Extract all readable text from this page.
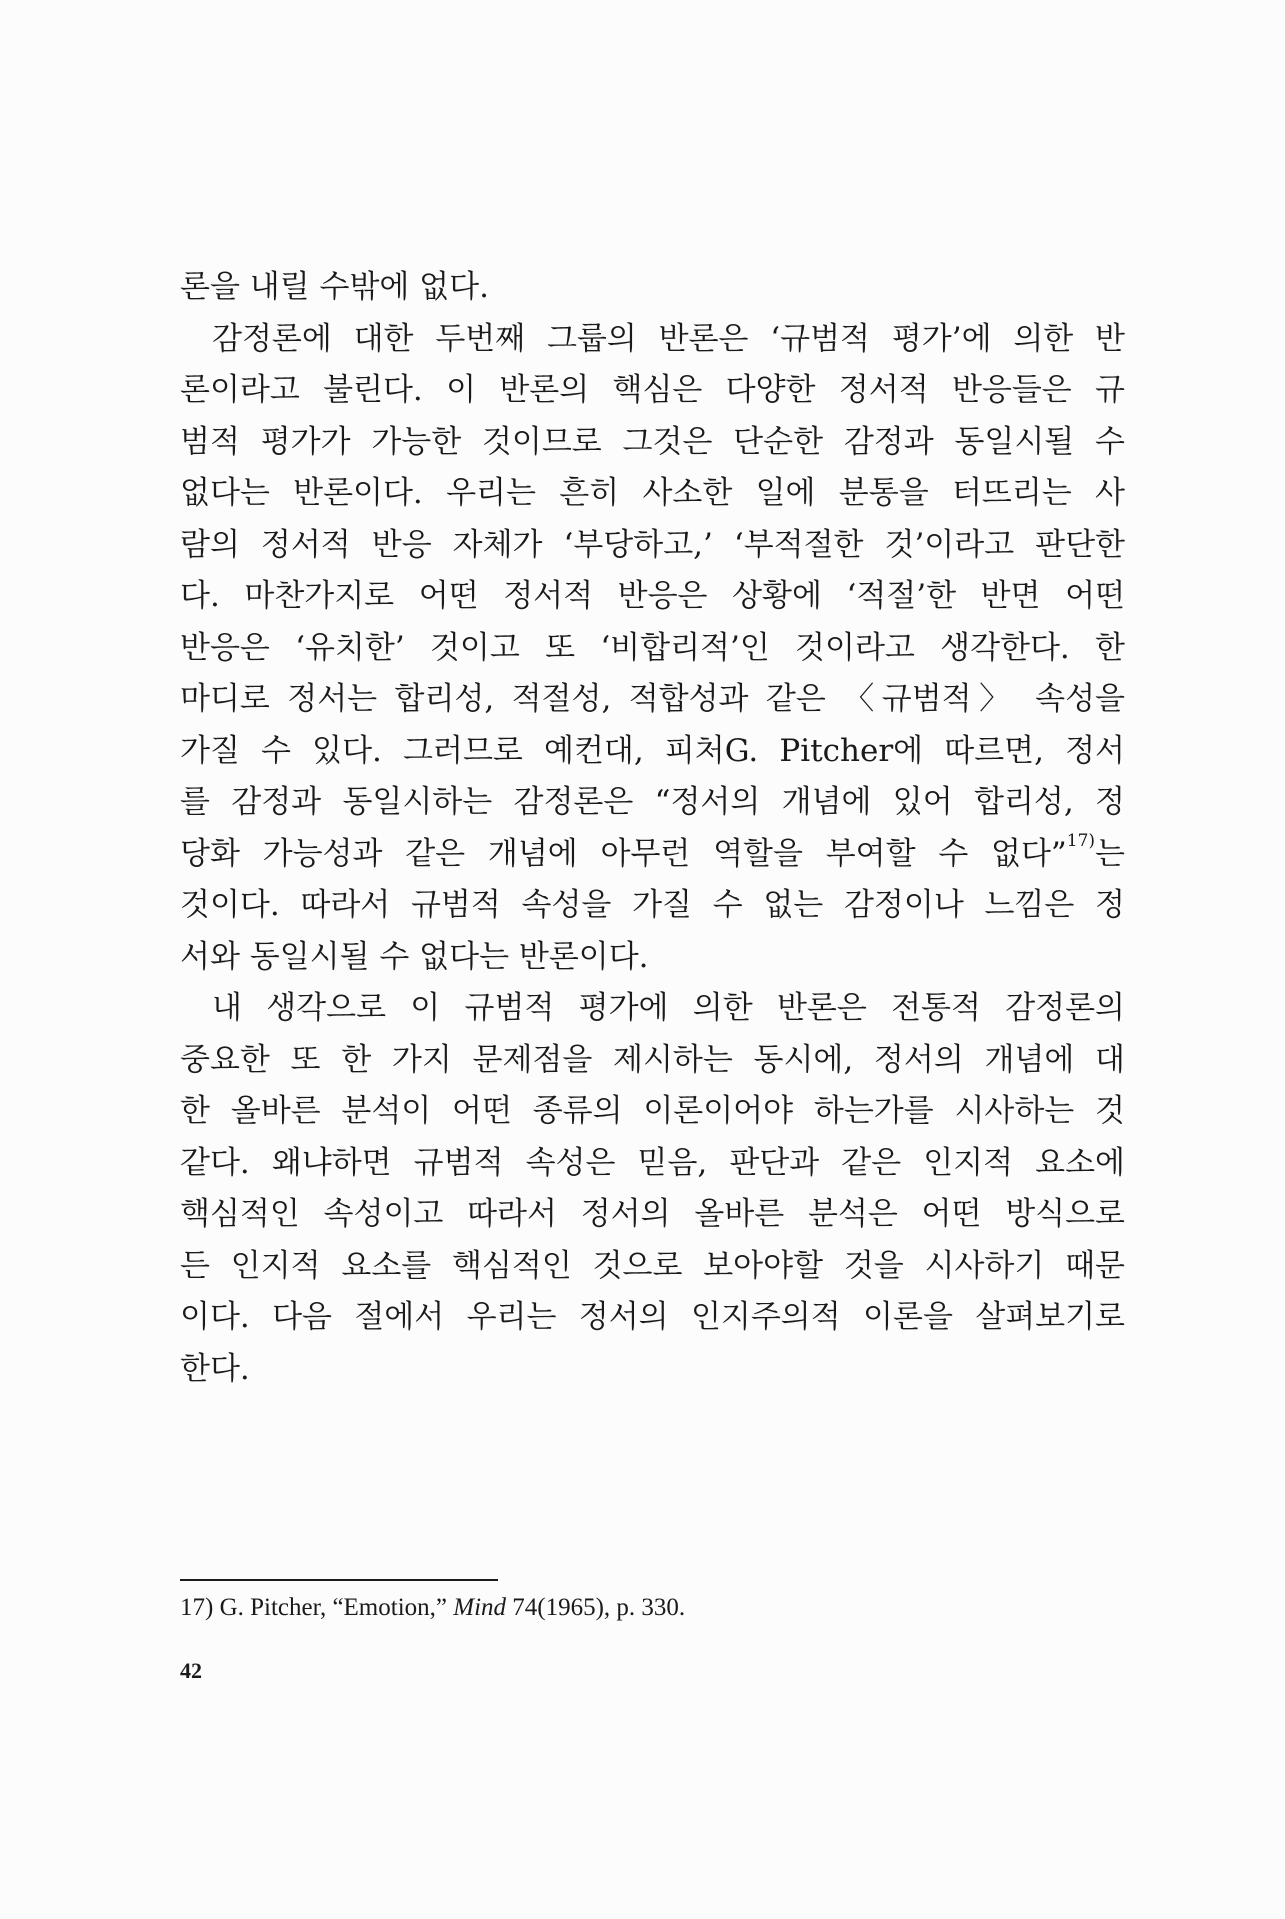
론을 내릴 수밖에 없다.
감정론에 대한 두번째 그룹의 반론은 ‘규범적 평가’에 의한 반
론이라고 불린다. 이 반론의 핵심은 다양한 정서적 반응들은 규
범적 평가가 가능한 것이므로 그것은 단순한 감정과 동일시될 수
없다는 반론이다. 우리는 흔히 사소한 일에 분통을 터뜨리는 사
람의 정서적 반응 자체가 ‘부당하고,’ ‘부적절한 것’이라고 판단한
다. 마찬가지로 어떤 정서적 반응은 상황에 ‘적절’한 반면 어떤
반응은 ‘유치한’ 것이고 또 ‘비합리적’인 것이라고 생각한다. 한
마디로 정서는 합리성, 적절성, 적합성과 같은 〈규범적〉 속성을
가질 수 있다. 그러므로 예컨대, 피처G. Pitcher에 따르면, 정서
를 감정과 동일시하는 감정론은 “정서의 개념에 있어 합리성, 정
당화 가능성과 같은 개념에 아무런 역할을 부여할 수 없다”$^{17)}$는
것이다. 따라서 규범적 속성을 가질 수 없는 감정이나 느낌은 정
서와 동일시될 수 없다는 반론이다.
내 생각으로 이 규범적 평가에 의한 반론은 전통적 감정론의
중요한 또 한 가지 문제점을 제시하는 동시에, 정서의 개념에 대
한 올바른 분석이 어떤 종류의 이론이어야 하는가를 시사하는 것
같다. 왜냐하면 규범적 속성은 믿음, 판단과 같은 인지적 요소에
핵심적인 속성이고 따라서 정서의 올바른 분석은 어떤 방식으로
든 인지적 요소를 핵심적인 것으로 보아야할 것을 시사하기 때문
이다. 다음 절에서 우리는 정서의 인지주의적 이론을 살펴보기로
한다.
17) G. Pitcher, “Emotion,” Mind 74(1965), p. 330.
42
